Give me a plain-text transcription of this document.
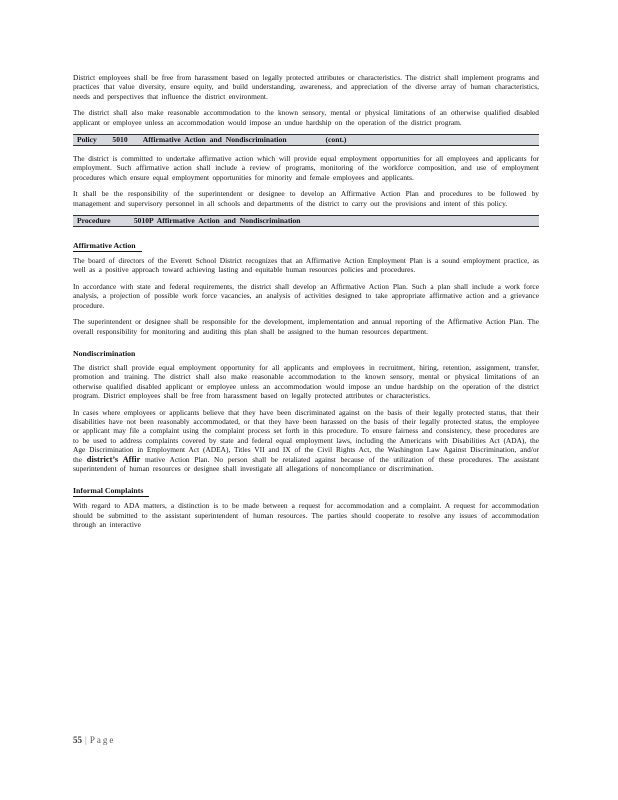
District employees shall be free from harassment based on legally protected attributes or characteristics. The district shall implement programs and practices that value diversity, ensure equity, and build understanding, awareness, and appreciation of the diverse array of human characteristics, needs and perspectives that influence the district environment.

The district shall also make reasonable accommodation to the known sensory, mental or physical limitations of an otherwise qualified disabled applicant or employee unless an accommodation would impose an undue hardship on the operation of the district program.

Policy 5010 Affirmative Action and Nondiscrimination	(cont.)

The district is committed to undertake affirmative action which will provide equal employment opportunities for all employees and applicants for employment. Such affirmative action shall include a review of programs, monitoring of the workforce composition, and use of employment procedures which ensure equal employment opportunities for minority and female employees and applicants.

It shall be the responsibility of the superintendent or designee to develop an Affirmative Action Plan and procedures to be followed by management and supervisory personnel in all schools and departments of the district to carry out the provisions and intent of this policy.

Procedure	5010P Affirmative Action and Nondiscrimination
Affirmative Action

The board of directors of the Everett School District recognizes that an Affirmative Action Employment Plan is a sound employment practice, as well as a positive approach toward achieving lasting and equitable human resources policies and procedures.

In accordance with state and federal requirements, the district shall develop an Affirmative Action Plan. Such a plan shall include a work force analysis, a projection of possible work force vacancies, an analysis of activities designed to take appropriate affirmative action and a grievance procedure.

The superintendent or designee shall be responsible for the development, implementation and annual reporting of the Affirmative Action Plan. The overall responsibility for monitoring and auditing this plan shall be assigned to the human resources department.

Nondiscrimination

The district shall provide equal employment opportunity for all applicants and employees in recruitment, hiring, retention, assignment, transfer, promotion and training. The district shall also make reasonable accommodation to the known sensory, mental or physical limitations of an otherwise qualified disabled applicant or employee unless an accommodation would impose an undue hardship on the operation of the district program. District employees shall be free from harassment based on legally protected attributes or characteristics.

In cases where employees or applicants believe that they have been discriminated against on the basis of their legally protected status, that their disabilities have not been reasonably accommodated, or that they have been harassed on the basis of their legally protected status, the employee or applicant may file a complaint using the complaint process set forth in this procedure. To ensure fairness and consistency, these procedures are to be used to address complaints covered by state and federal equal employment laws, including the Americans with Disabilities Act (ADA), the Age Discrimination in Employment Act (ADEA), Titles VII and IX of the Civil Rights Act, the Washington Law Against Discrimination, and/or the district’s Affir mative Action Plan. No person shall be retaliated against because of the utilization of these procedures. The assistant superintendent of human resources or designee shall investigate all allegations of noncompliance or discrimination.

Informal Complaints

With regard to ADA matters, a distinction is to be made between a request for accommodation and a complaint. A request for accommodation should be submitted to the assistant superintendent of human resources. The parties should cooperate to resolve any issues of accommodation through an interactive

55 | Page
